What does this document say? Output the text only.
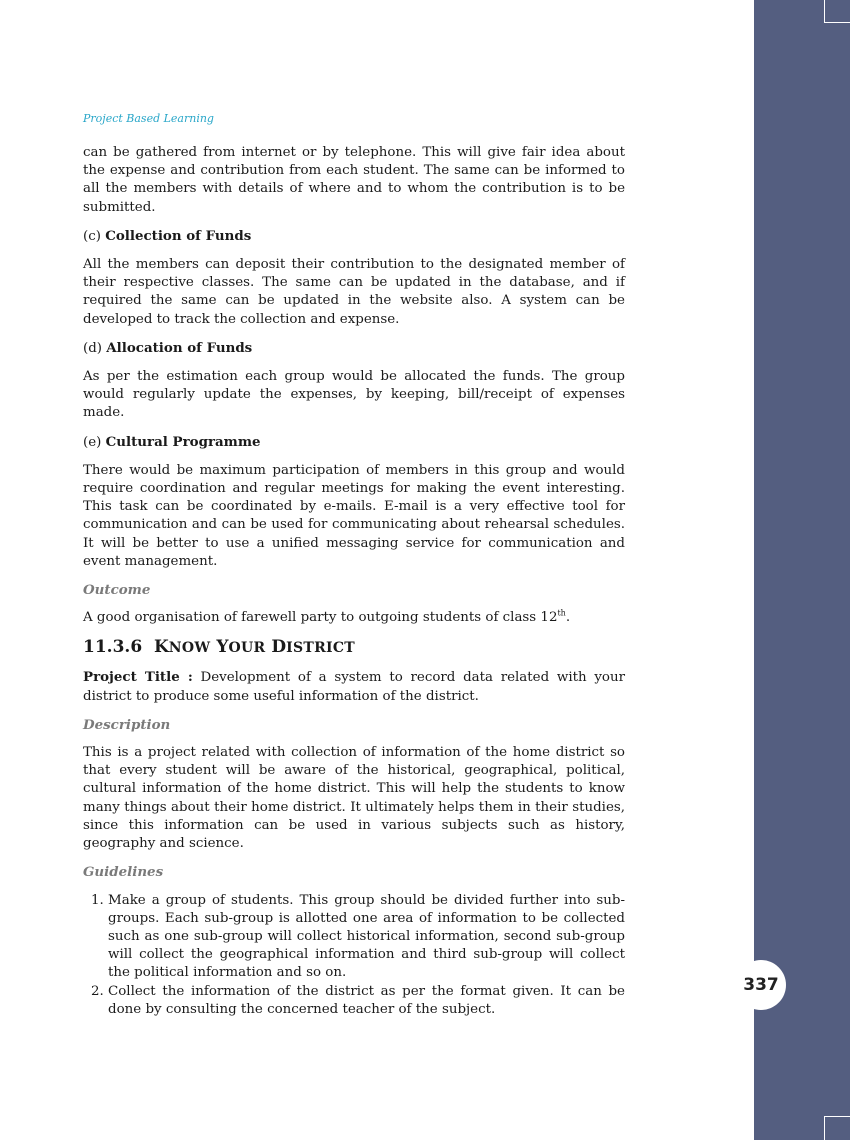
337
Project Based Learning

can be gathered from internet or by telephone. This will give fair idea about the expense and contribution from each student. The same can be informed to all the members with details of where and to whom the contribution is to be submitted.

(c) Collection of Funds

All the members can deposit their contribution to the designated member of their respective classes. The same can be updated in the database, and if required the same can be updated in the website also. A system can be developed to track the collection and expense.

(d) Allocation of Funds

As per the estimation each group would be allocated the funds. The group would regularly update the expenses, by keeping, bill/receipt of expenses made.

(e) Cultural Programme

There would be maximum participation of members in this group and would require coordination and regular meetings for making the event interesting. This task can be coordinated by e-mails. E-mail is a very effective tool for communication and can be used for communicating about rehearsal schedules. It will be better to use a unified messaging service for communication and event management.

Outcome

A good organisation of farewell party to outgoing students of class 12th.

11.3.6 KNOW YOUR DISTRICT

Project Title : Development of a system to record data related with your district to produce some useful information of the district.

Description

This is a project related with collection of information of the home district so that every student will be aware of the historical, geographical, political, cultural information of the home district. This will help the students to know many things about their home district. It ultimately helps them in their studies, since this information can be used in various subjects such as history, geography and science.

Guidelines
1. Make a group of students. This group should be divided further into sub-groups. Each sub-group is allotted one area of information to be collected such as one sub-group will collect historical information, second sub-group will collect the geographical information and third sub-group will collect the political information and so on.
2. Collect the information of the district as per the format given. It can be done by consulting the concerned teacher of the subject.
